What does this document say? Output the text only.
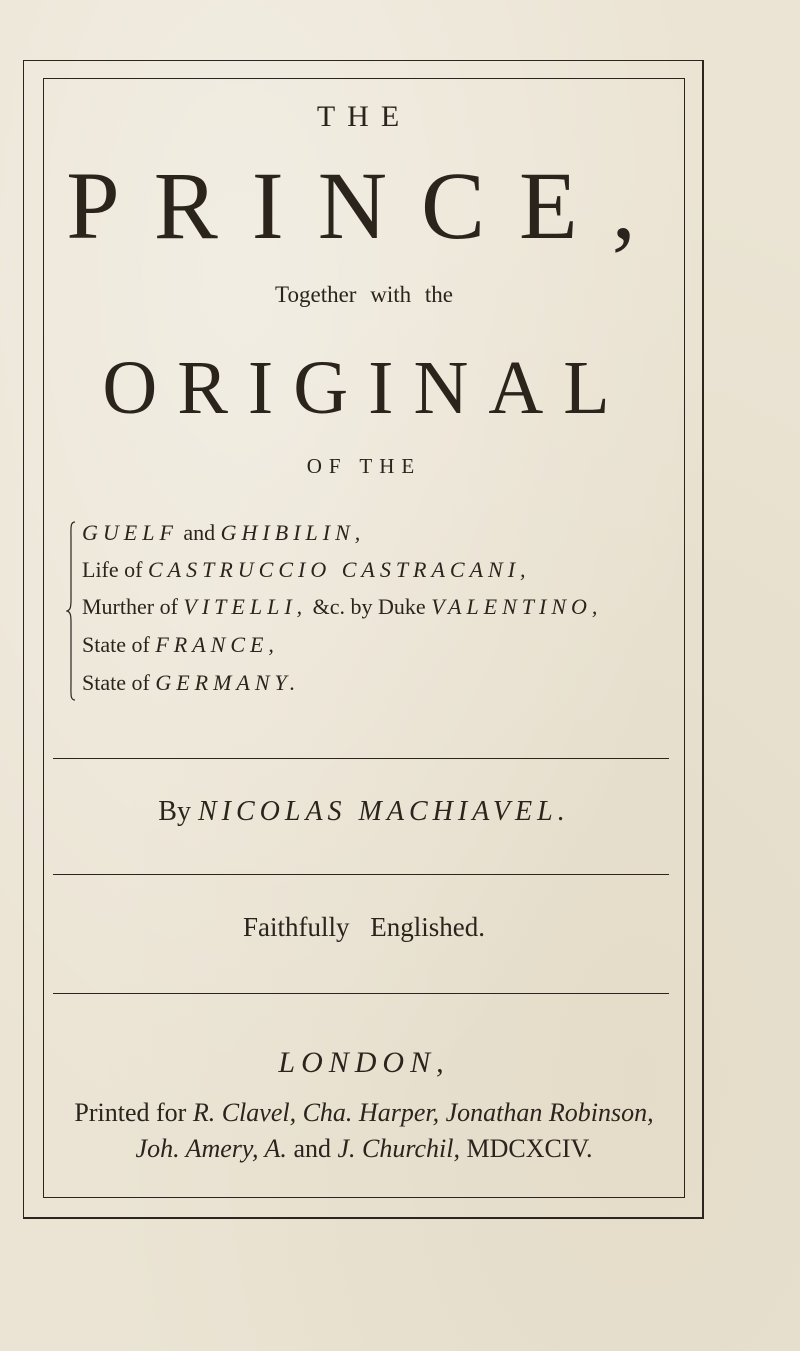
THE
PRINCE,
Together with the
ORIGINAL
OF THE
GUELF and GHIBILIN,
Life of CASTRUCCIO CASTRACANI,
Murther of VITELLI, &c. by Duke VALENTINO,
State of FRANCE,
State of GERMANY.
By NICOLAS MACHIAVEL.
Faithfully Englished.
LONDON,
Printed for R. Clavel, Cha. Harper, Jonathan Robinson,
Joh. Amery, A. and J. Churchil, MDCXCIV.
